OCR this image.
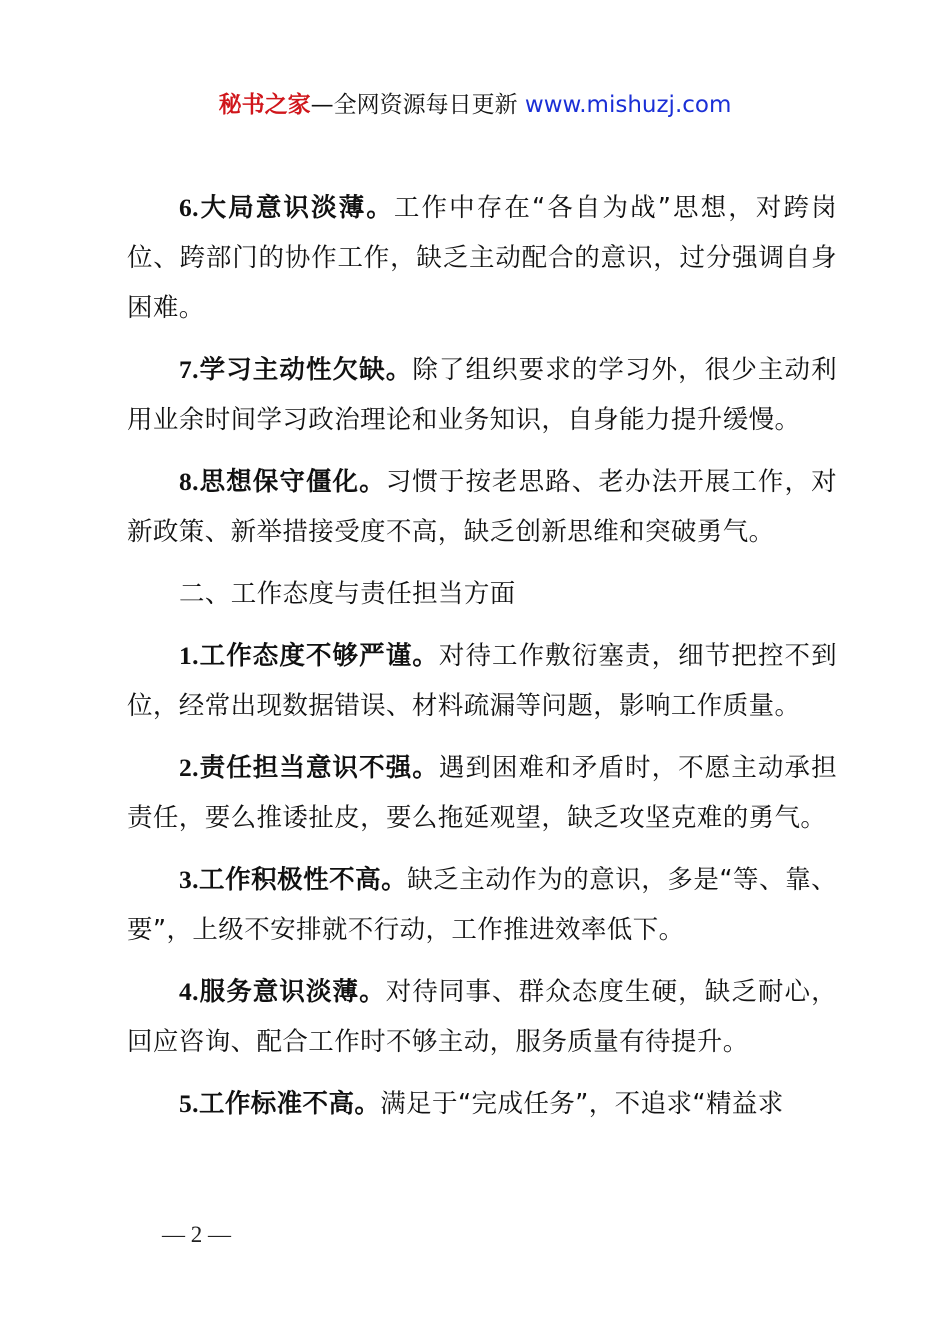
秘书之家—全网资源每日更新 www.mishuzj.com

6.大局意识淡薄。工作中存在“各自为战”思想，对跨岗位、跨部门的协作工作，缺乏主动配合的意识，过分强调自身困难。

7.学习主动性欠缺。除了组织要求的学习外，很少主动利用业余时间学习政治理论和业务知识，自身能力提升缓慢。

8.思想保守僵化。习惯于按老思路、老办法开展工作，对新政策、新举措接受度不高，缺乏创新思维和突破勇气。

二、工作态度与责任担当方面

1.工作态度不够严谨。对待工作敷衍塞责，细节把控不到位，经常出现数据错误、材料疏漏等问题，影响工作质量。

2.责任担当意识不强。遇到困难和矛盾时，不愿主动承担责任，要么推诿扯皮，要么拖延观望，缺乏攻坚克难的勇气。

3.工作积极性不高。缺乏主动作为的意识，多是“等、靠、要”，上级不安排就不行动，工作推进效率低下。

4.服务意识淡薄。对待同事、群众态度生硬，缺乏耐心，回应咨询、配合工作时不够主动，服务质量有待提升。

5.工作标准不高。满足于“完成任务”，不追求“精益求

— 2 —
